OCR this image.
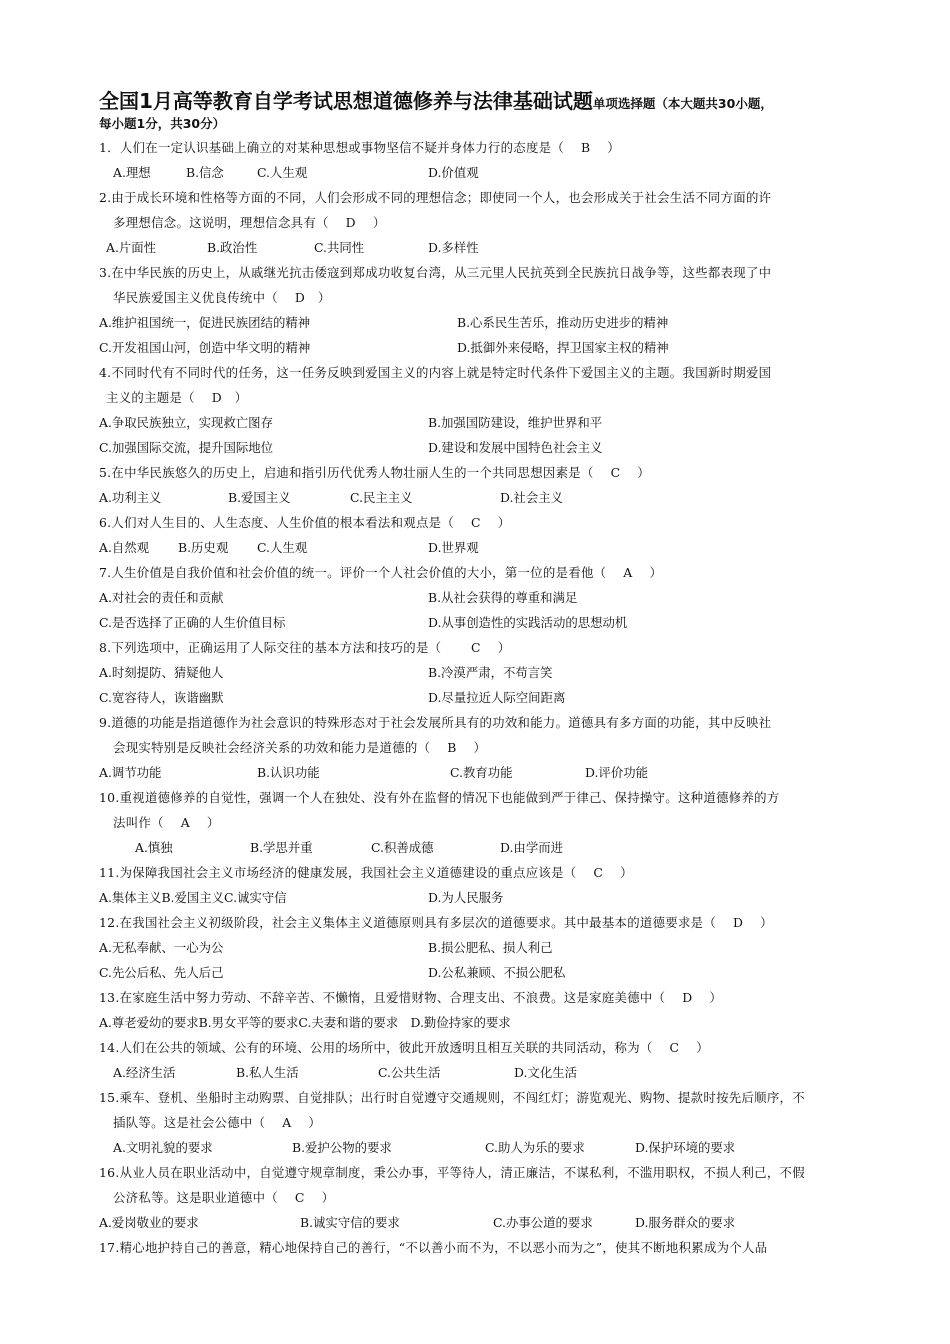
全国1月高等教育自学考试思想道德修养与法律基础试题单项选择题（本大题共30小题，
每小题1分，共30分）
1．人们在一定认识基础上确立的对某种思想或事物坚信不疑并身体力行的态度是（　 B　 ）
A.理想	B.信念	C.人生观	D.价值观
2.由于成长环境和性格等方面的不同，人们会形成不同的理想信念；即使同一个人，也会形成关于社会生活不同方面的许
多理想信念。这说明，理想信念具有（　 D　 ）
A.片面性	B.政治性	C.共同性	D.多样性
3.在中华民族的历史上，从戚继光抗击倭寇到郑成功收复台湾，从三元里人民抗英到全民族抗日战争等，这些都表现了中
华民族爱国主义优良传统中（　 D　）
A.维护祖国统一，促进民族团结的精神	B.心系民生苦乐，推动历史进步的精神
C.开发祖国山河，创造中华文明的精神	D.抵御外来侵略，捍卫国家主权的精神
4.不同时代有不同时代的任务，这一任务反映到爱国主义的内容上就是特定时代条件下爱国主义的主题。我国新时期爱国
主义的主题是（　 D　）
A.争取民族独立，实现救亡图存	B.加强国防建设，维护世界和平
C.加强国际交流，提升国际地位	D.建设和发展中国特色社会主义
5.在中华民族悠久的历史上，启迪和指引历代优秀人物壮丽人生的一个共同思想因素是（　 C　 ）
A.功利主义	B.爱国主义	C.民主主义	D.社会主义
6.人们对人生目的、人生态度、人生价值的根本看法和观点是（　 C　 ）
A.自然观 B.历史观 C.人生观	D.世界观
7.人生价值是自我价值和社会价值的统一。评价一个人社会价值的大小，第一位的是看他（　 A　 ）
A.对社会的责任和贡献	B.从社会获得的尊重和满足
C.是否选择了正确的人生价值目标	D.从事创造性的实践活动的思想动机
8.下列选项中，正确运用了人际交往的基本方法和技巧的是（　　 C　 ）
A.时刻提防、猜疑他人	B.冷漠严肃，不苟言笑
C.宽容待人，诙谐幽默	D.尽量拉近人际空间距离
9.道德的功能是指道德作为社会意识的特殊形态对于社会发展所具有的功效和能力。道德具有多方面的功能，其中反映社
会现实特别是反映社会经济关系的功效和能力是道德的（　 B　 ）
A.调节功能	B.认识功能	C.教育功能	D.评价功能
10.重视道德修养的自觉性，强调一个人在独处、没有外在监督的情况下也能做到严于律己、保持操守。这种道德修养的方
法叫作（　 A　 ）
A.慎独	B.学思并重	C.积善成德	D.由学而进
11.为保障我国社会主义市场经济的健康发展，我国社会主义道德建设的重点应该是（　 C　 ）
A.集体主义B.爱国主义C.诚实守信	D.为人民服务
12.在我国社会主义初级阶段，社会主义集体主义道德原则具有多层次的道德要求。其中最基本的道德要求是（　 D　 ）
A.无私奉献、一心为公	B.损公肥私、损人利己
C.先公后私、先人后己	D.公私兼顾、不损公肥私
13.在家庭生活中努力劳动、不辞辛苦、不懒惰，且爱惜财物、合理支出、不浪费。这是家庭美德中（　 D　 ）
A.尊老爱幼的要求B.男女平等的要求C.夫妻和谐的要求　D.勤俭持家的要求
14.人们在公共的领域、公有的环境、公用的场所中，彼此开放透明且相互关联的共同活动，称为（　 C　 ）
A.经济生活	B.私人生活	C.公共生活	D.文化生活
15.乘车、登机、坐船时主动购票、自觉排队；出行时自觉遵守交通规则，不闯红灯；游览观光、购物、提款时按先后顺序，不
插队等。这是社会公德中（　 A　 ）
A.文明礼貌的要求	B.爱护公物的要求	C.助人为乐的要求	D.保护环境的要求
16.从业人员在职业活动中，自觉遵守规章制度，秉公办事，平等待人，清正廉洁，不谋私利，不滥用职权，不损人利己，不假
公济私等。这是职业道德中（　 C　 ）
A.爱岗敬业的要求	B.诚实守信的要求	C.办事公道的要求	D.服务群众的要求
17.精心地护持自己的善意，精心地保持自己的善行，“不以善小而不为，不以恶小而为之”，使其不断地积累成为个人品
